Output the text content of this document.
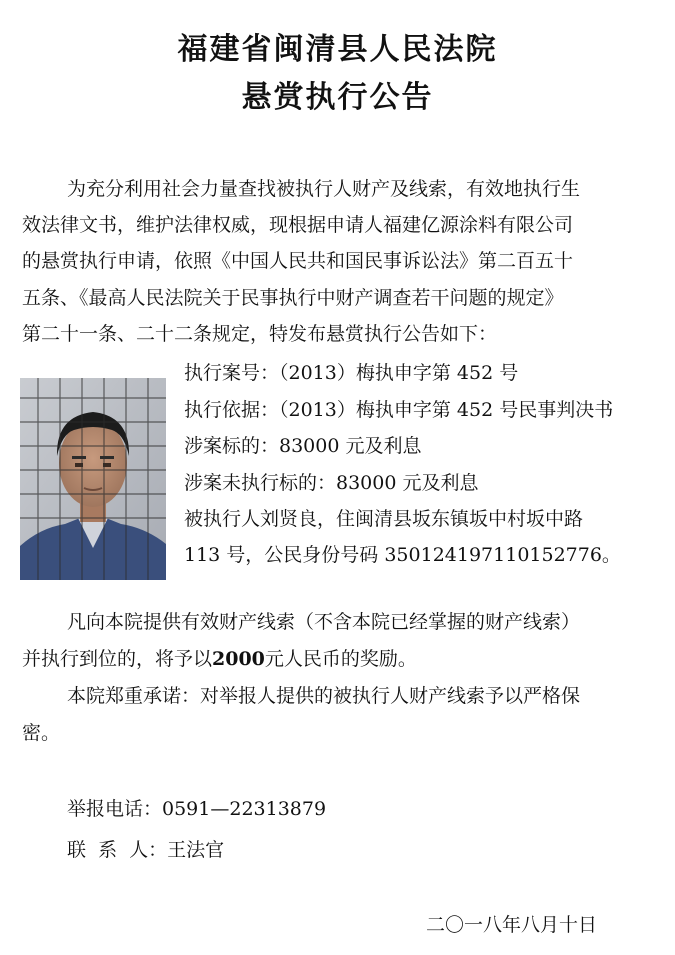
福建省闽清县人民法院
悬赏执行公告
为充分利用社会力量查找被执行人财产及线索，有效地执行生
效法律文书，维护法律权威，现根据申请人福建亿源涂料有限公司
的悬赏执行申请，依照《中国人民共和国民事诉讼法》第二百五十
五条、《最高人民法院关于民事执行中财产调查若干问题的规定》
第二十一条、二十二条规定，特发布悬赏执行公告如下：
执行案号：（2013）梅执申字第 452 号
执行依据：（2013）梅执申字第 452 号民事判决书
涉案标的：83000 元及利息
涉案未执行标的：83000 元及利息
被执行人刘贤良，住闽清县坂东镇坂中村坂中路
113 号，公民身份号码 350124197110152776。
凡向本院提供有效财产线索（不含本院已经掌握的财产线索）
并执行到位的，将予以2000元人民币的奖励。
本院郑重承诺：对举报人提供的被执行人财产线索予以严格保
密。
举报电话：0591—22313879
联  系  人：王法官
二〇一八年八月十日
